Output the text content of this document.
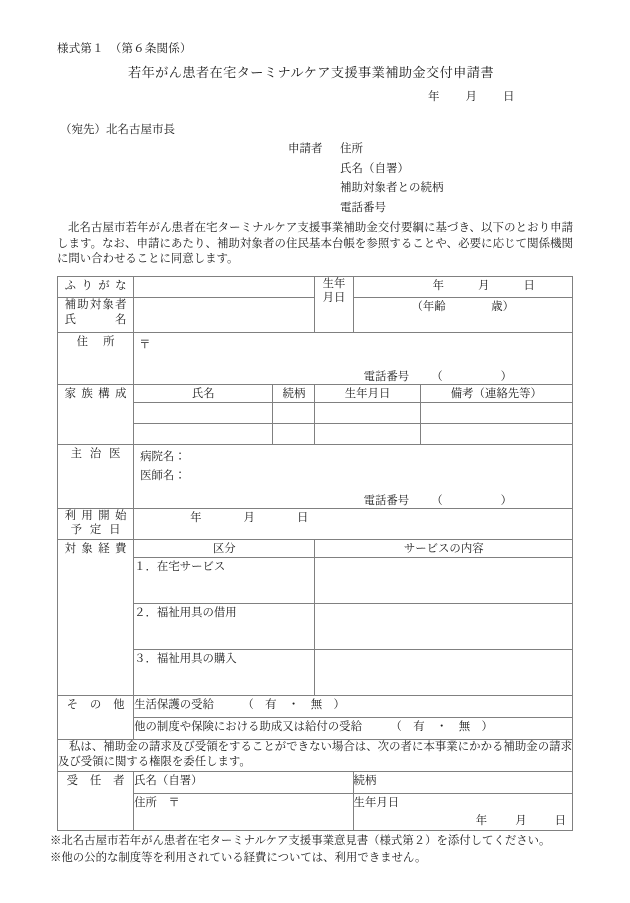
様式第１　（第６条関係）
若年がん患者在宅ターミナルケア支援事業補助金交付申請書
年 月 日
（宛先）北名古屋市長
申請者	住所
氏名（自署）
補助対象者との続柄
電話番号
北名古屋市若年がん患者在宅ターミナルケア支援事業補助金交付要綱に基づき、以下のとおり申請します。なお、申請にあたり、補助対象者の住民基本台帳を参照することや、必要に応じて関係機関に問い合わせることに同意します。
ふりがな			生年
月日	年 月 日	

補助対象者
氏　　　名				（年齢　　　　歳）	

住所	〒
電話番号 （ ）				

家族構成	氏名	続柄	生年月日		備考（連絡先等）

主治医	病院名：
医師名：
電話番号 （ ）				

利用開始
予定日	年 月 日				

対象経費	区分		サービスの内容		
	１．在宅サービス				
	２．福祉用具の借用				
	３．福祉用具の購入				

その他	生活保護の受給　　　（　有　・　無　）				
	他の制度や保険における助成又は給付の受給　　　（　有　・　無　）				
私は、補助金の請求及び受領をすることができない場合は、次の者に本事業にかかる補助金の請求及び受領に関する権限を委任します。					

受任者	氏名（自署）			続柄	
	住所　〒			生年月日
年 月 日	
※北名古屋市若年がん患者在宅ターミナルケア支援事業意見書（様式第２）を添付してください。
※他の公的な制度等を利用されている経費については、利用できません。
